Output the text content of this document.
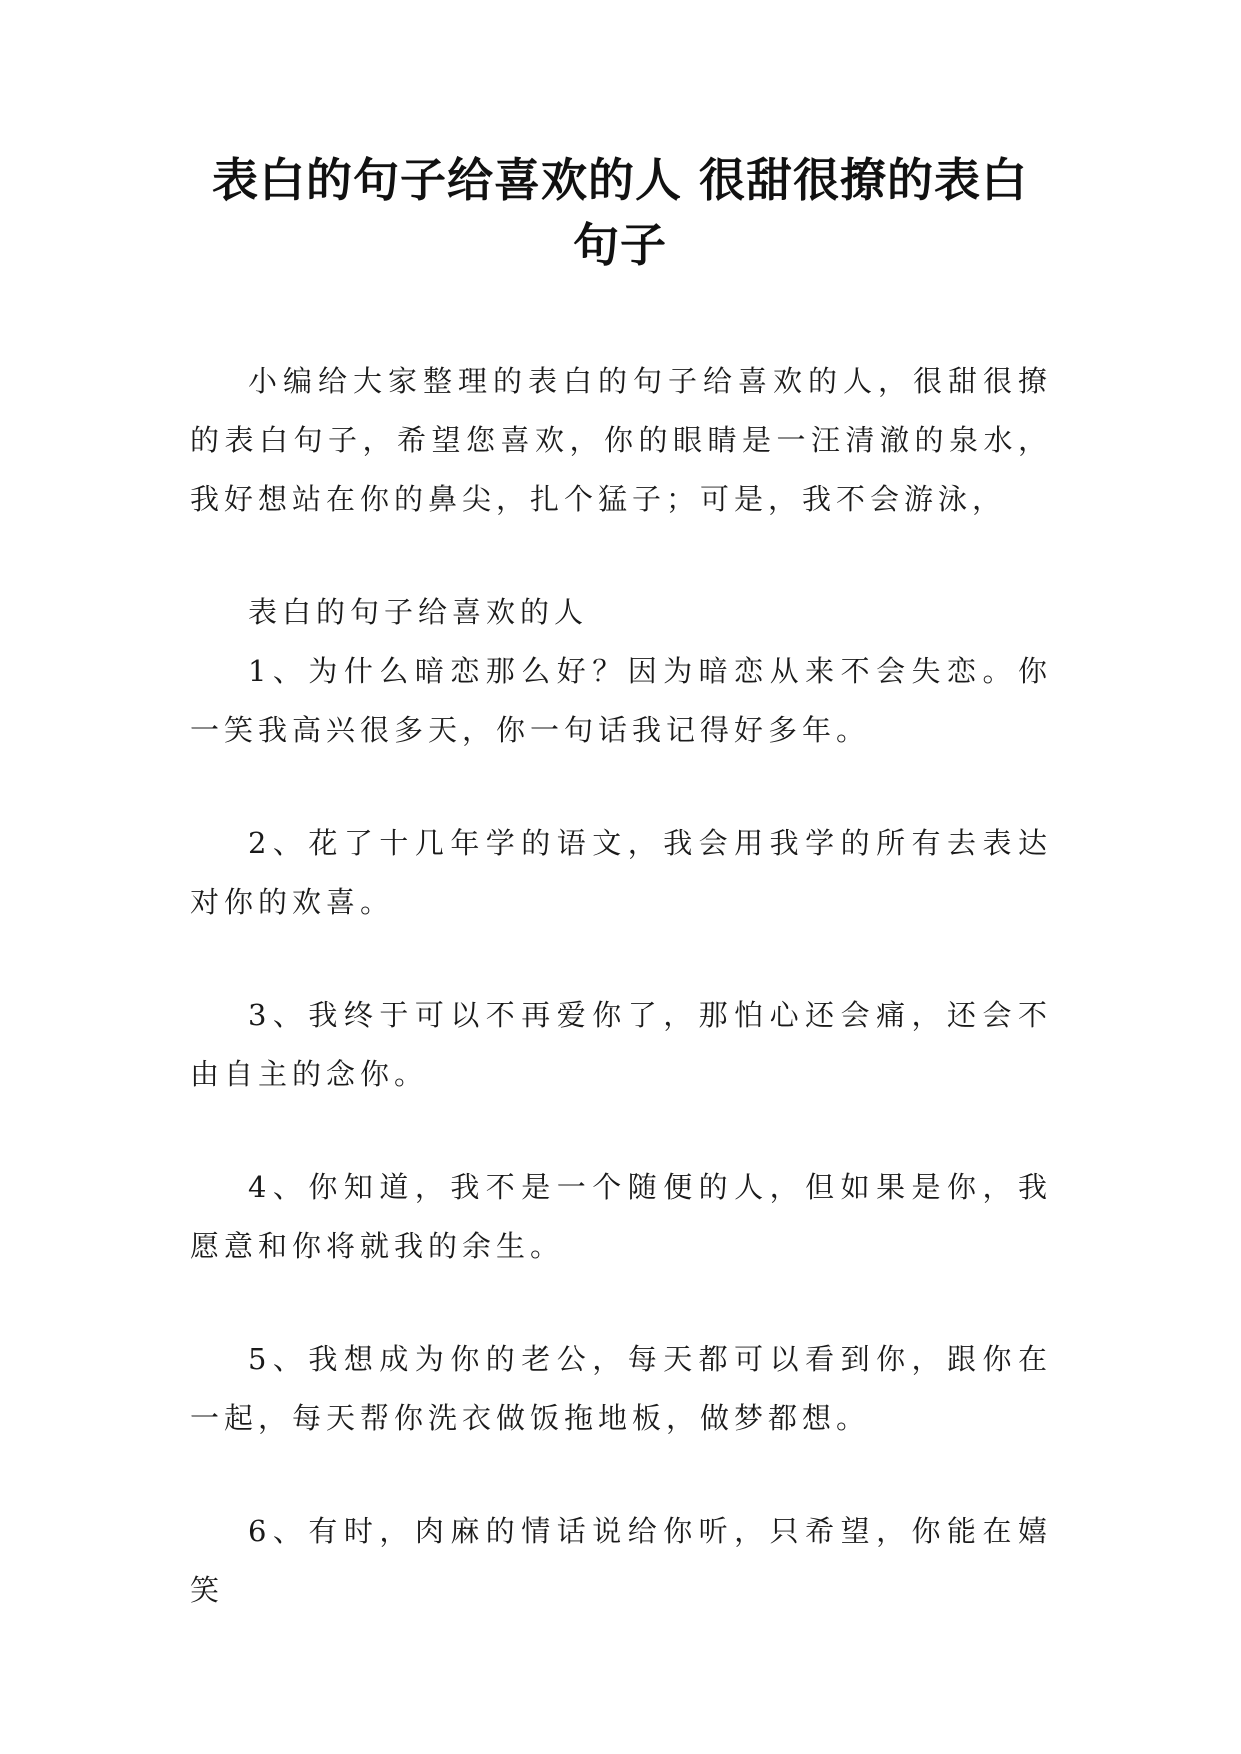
表白的句子给喜欢的人 很甜很撩的表白句子

小编给大家整理的表白的句子给喜欢的人，很甜很撩的表白句子，希望您喜欢，你的眼睛是一汪清澈的泉水，我好想站在你的鼻尖，扎个猛子；可是，我不会游泳，

表白的句子给喜欢的人

1、为什么暗恋那么好？因为暗恋从来不会失恋。你一笑我高兴很多天，你一句话我记得好多年。

2、花了十几年学的语文，我会用我学的所有去表达对你的欢喜。

3、我终于可以不再爱你了，那怕心还会痛，还会不由自主的念你。

4、你知道，我不是一个随便的人，但如果是你，我愿意和你将就我的余生。

5、我想成为你的老公，每天都可以看到你，跟你在一起，每天帮你洗衣做饭拖地板，做梦都想。

6、有时，肉麻的情话说给你听，只希望，你能在嬉笑
